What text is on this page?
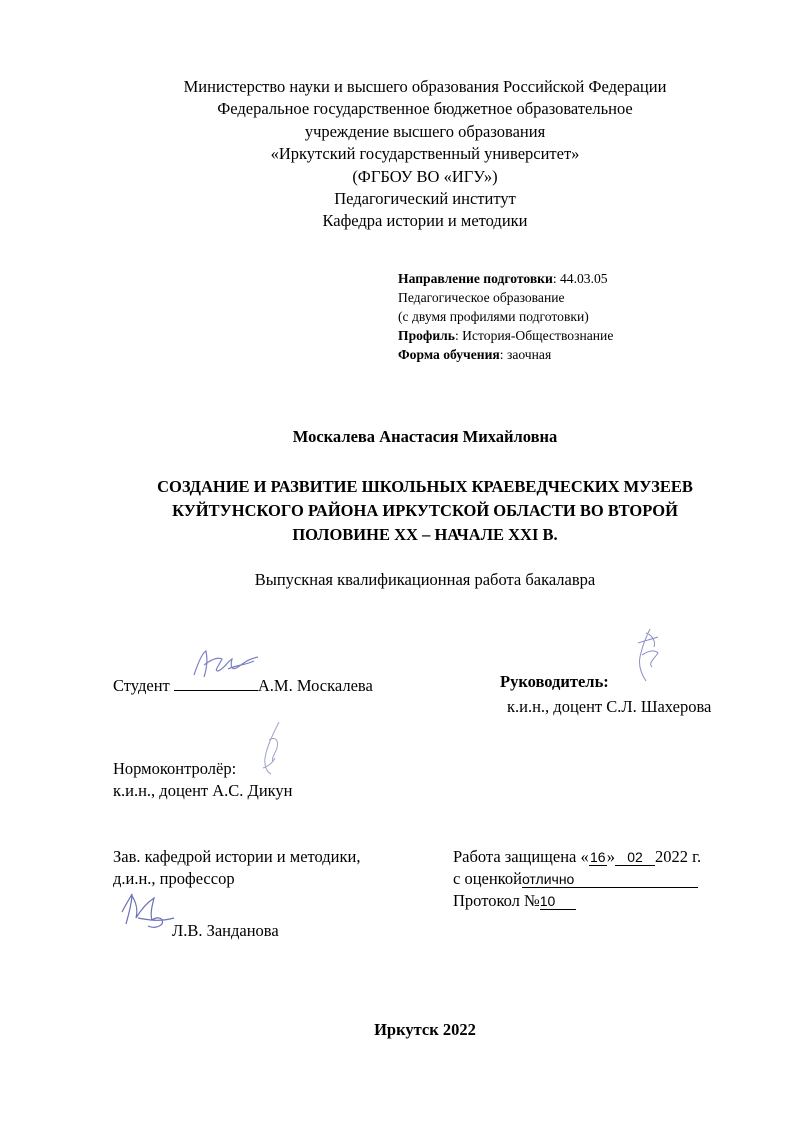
Министерство науки и высшего образования Российской Федерации
Федеральное государственное бюджетное образовательное
учреждение высшего образования
«Иркутский государственный университет»
(ФГБОУ ВО «ИГУ»)
Педагогический институт
Кафедра истории и методики
Направление подготовки: 44.03.05
Педагогическое образование
(с двумя профилями подготовки)
Профиль: История-Обществознание
Форма обучения: заочная
Москалева Анастасия Михайловна
СОЗДАНИЕ И РАЗВИТИЕ ШКОЛЬНЫХ КРАЕВЕДЧЕСКИХ МУЗЕЕВ
КУЙТУНСКОГО РАЙОНА ИРКУТСКОЙ ОБЛАСТИ ВО ВТОРОЙ
ПОЛОВИНЕ XX – НАЧАЛЕ XXI В.
Выпускная квалификационная работа бакалавра
Студент	А.М. Москалева	Руководитель:
к.и.н., доцент С.Л. Шахерова
Нормоконтролёр:
к.и.н., доцент А.С. Дикун
Зав. кафедрой истории и методики,
д.и.н., профессор
Л.В. Занданова
Работа защищена «16» 02 2022 г.
с оценкойотлично
Протокол №10
Иркутск 2022
